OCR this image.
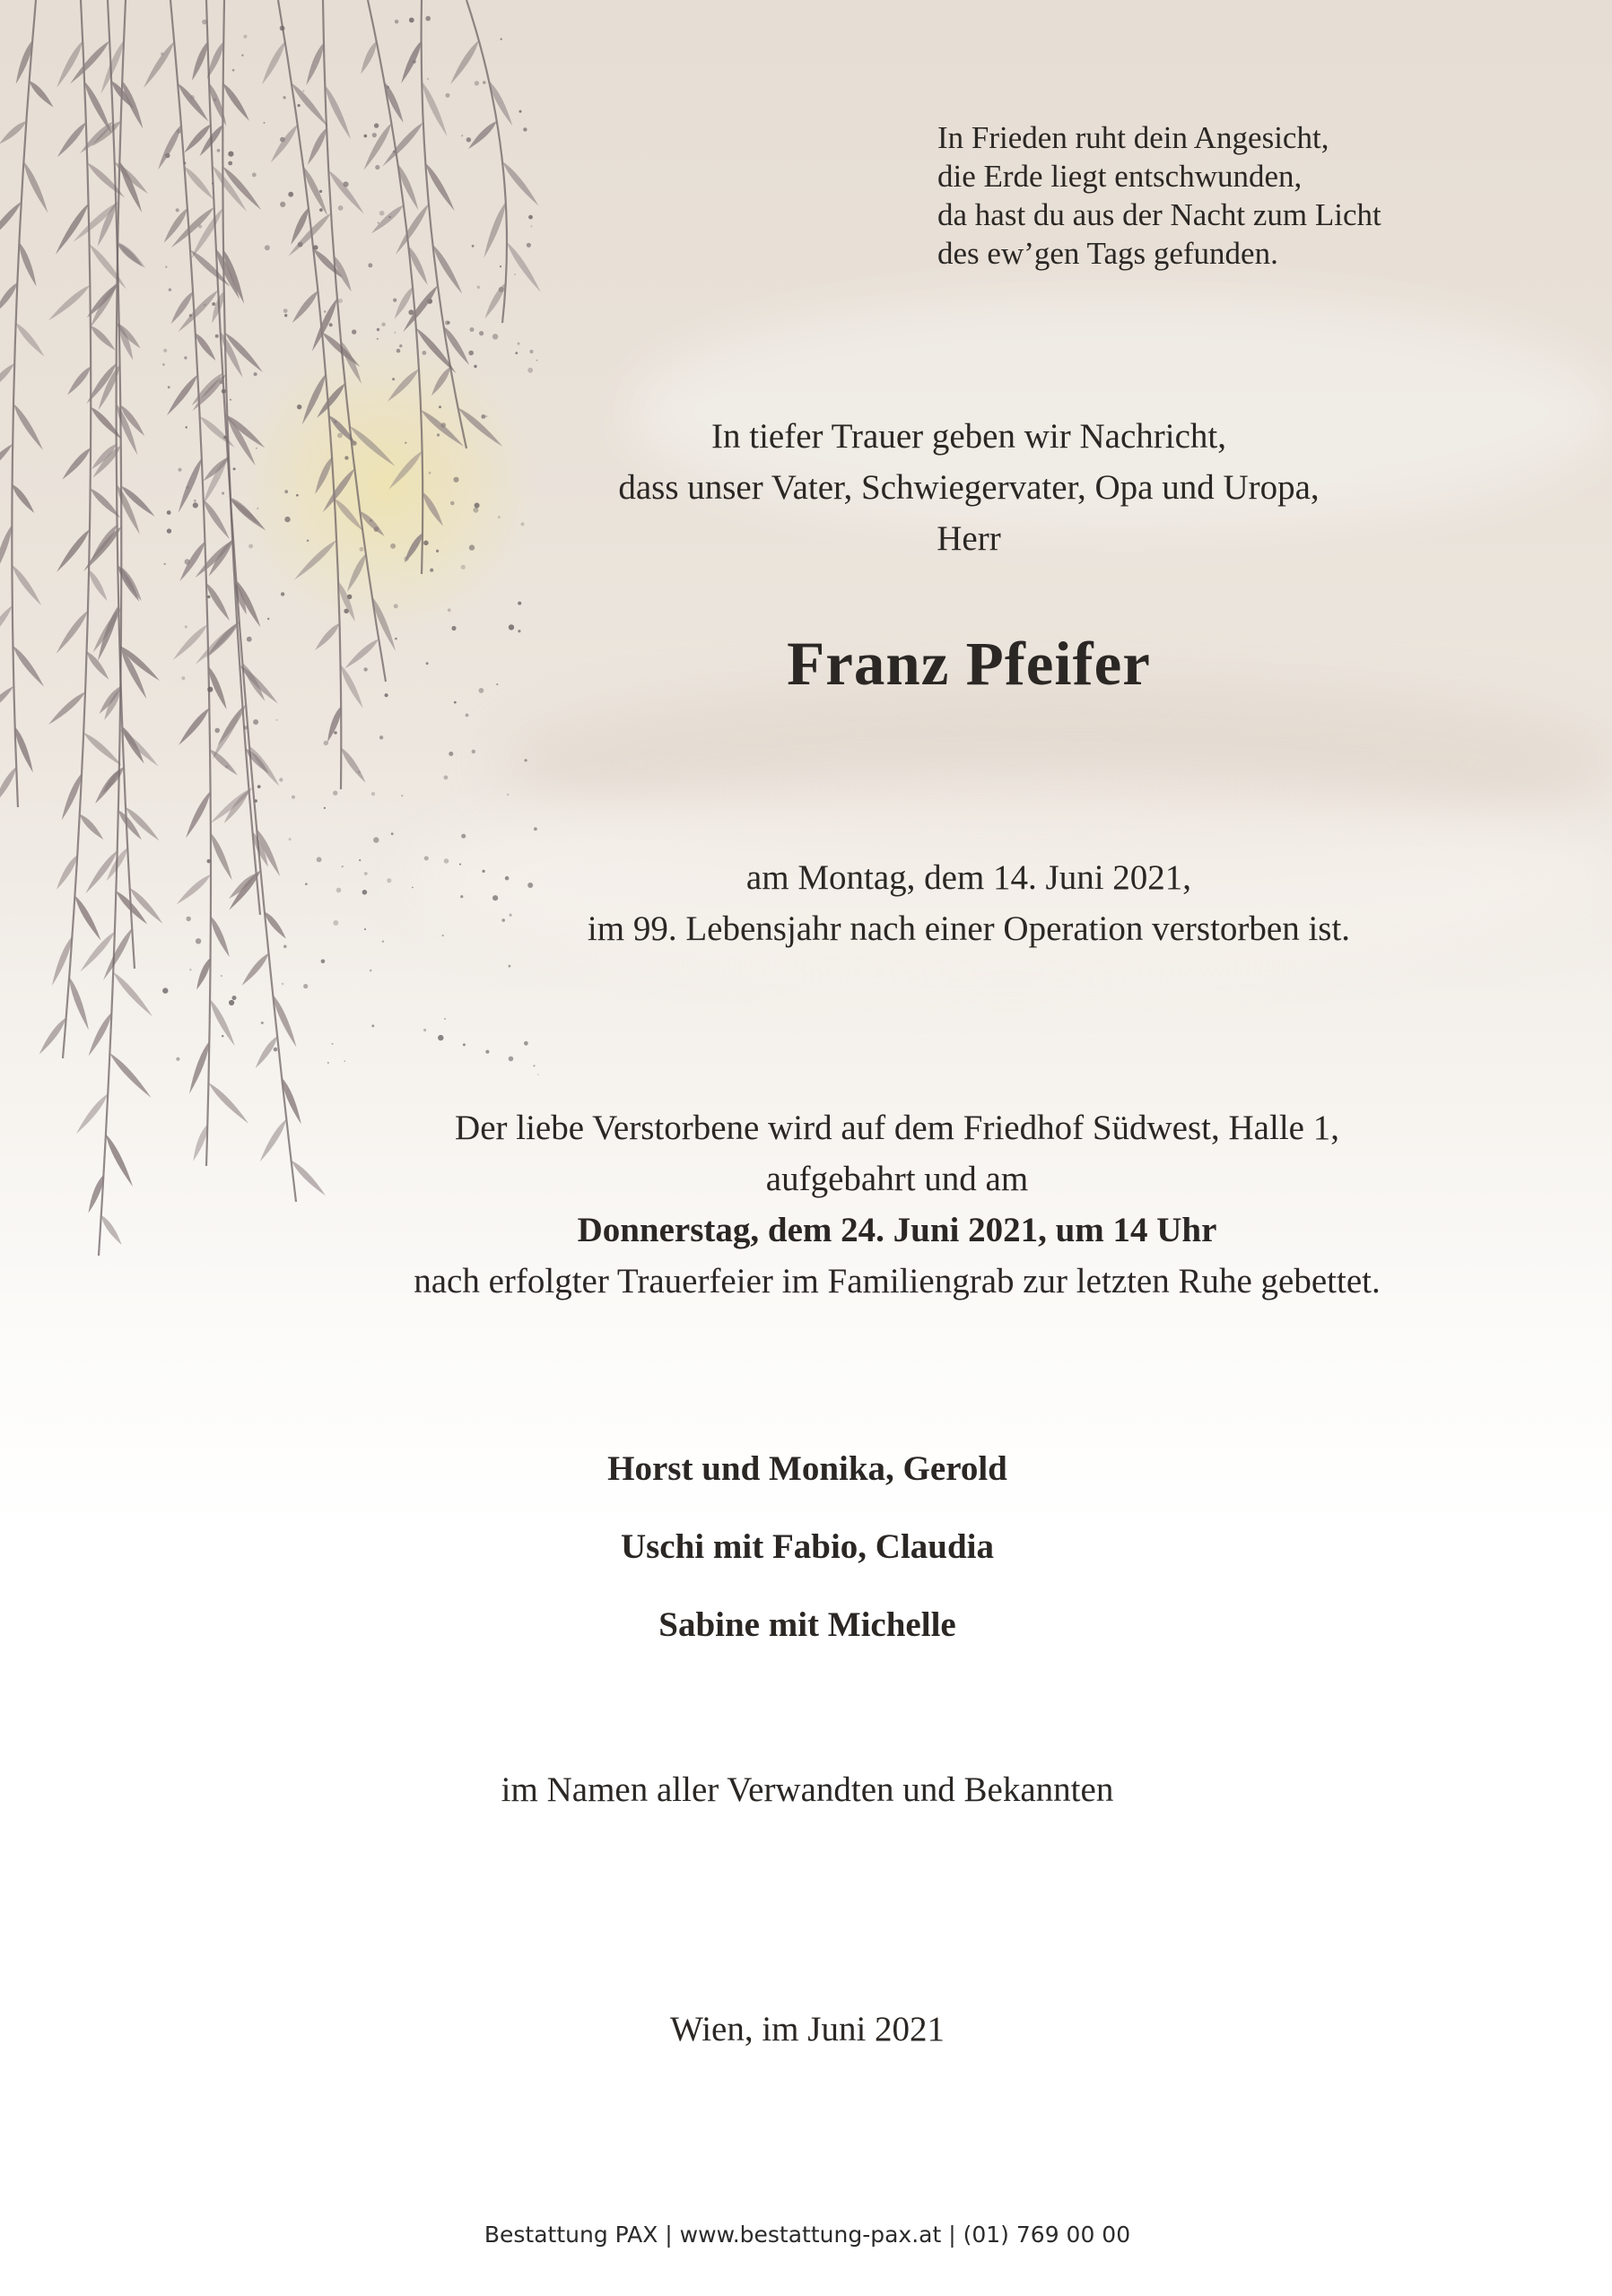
In Frieden ruht dein Angesicht,
die Erde liegt entschwunden,
da hast du aus der Nacht zum Licht
des ew’gen Tags gefunden.
In tiefer Trauer geben wir Nachricht,
dass unser Vater, Schwiegervater, Opa und Uropa,
Herr
Franz Pfeifer
am Montag, dem 14. Juni 2021,
im 99. Lebensjahr nach einer Operation verstorben ist.
Der liebe Verstorbene wird auf dem Friedhof Südwest, Halle 1,
aufgebahrt und am
Donnerstag, dem 24. Juni 2021, um 14 Uhr
nach erfolgter Trauerfeier im Familiengrab zur letzten Ruhe gebettet.
Horst und Monika, Gerold
Uschi mit Fabio, Claudia
Sabine mit Michelle
im Namen aller Verwandten und Bekannten
Wien, im Juni 2021
Bestattung PAX | www.bestattung-pax.at | (01) 769 00 00
